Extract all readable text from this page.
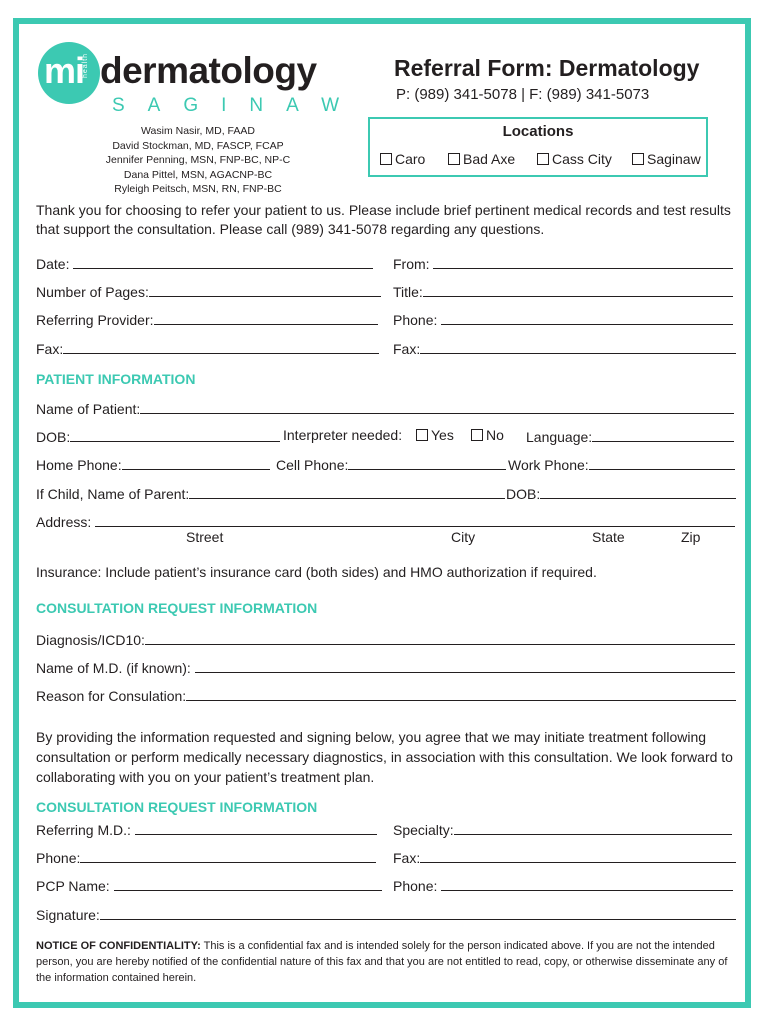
mi
health dermatology
SAGINAW
Wasim Nasir, MD, FAAD
David Stockman, MD, FASCP, FCAP
Jennifer Penning, MSN, FNP-BC, NP-C
Dana Pittel, MSN, AGACNP-BC
Ryleigh Peitsch, MSN, RN, FNP-BC
Referral Form: Dermatology
P: (989) 341-5078 | F: (989) 341-5073
Locations
Caro	Bad Axe	Cass City	Saginaw
Thank you for choosing to refer your patient to us. Please include brief pertinent medical records and test results that support the consultation. Please call (989) 341-5078 regarding any questions.
Date:	From:
Number of Pages:	Title:
Referring Provider:	Phone:
Fax:	Fax:
PATIENT INFORMATION
Name of Patient:
DOB:	Interpreter needed:	Yes	No Language:
Home Phone:	Cell Phone:	Work Phone:
If Child, Name of Parent:	DOB:
Address:
Street	City	State	Zip
Insurance: Include patient’s insurance card (both sides) and HMO authorization if required.
CONSULTATION REQUEST INFORMATION
Diagnosis/ICD10:
Name of M.D. (if known):
Reason for Consulation:
By providing the information requested and signing below, you agree that we may initiate treatment following consultation or perform medically necessary diagnostics, in association with this consultation. We look forward to collaborating with you on your patient’s treatment plan.
CONSULTATION REQUEST INFORMATION
Referring M.D.:	Specialty:
Phone:	Fax:
PCP Name:	Phone:
Signature:
NOTICE OF CONFIDENTIALITY: This is a confidential fax and is intended solely for the person indicated above. If you are not the intended person, you are hereby notified of the confidential nature of this fax and that you are not entitled to read, copy, or otherwise disseminate any of the information contained herein.
